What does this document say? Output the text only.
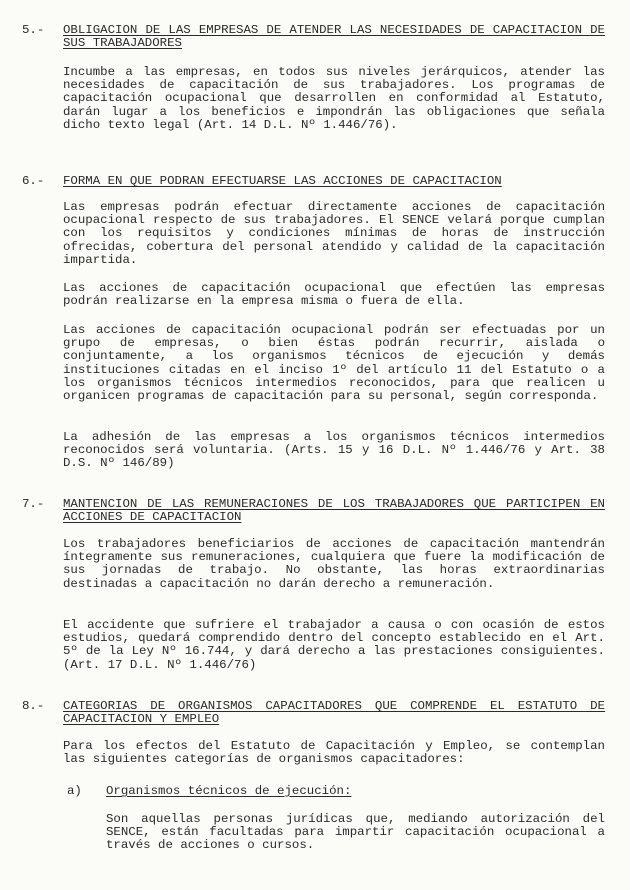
5.-	OBLIGACION DE LAS EMPRESAS DE ATENDER LAS NECESIDADES DE CAPACITACION DE SUS TRABAJADORES
Incumbe a las empresas, en todos sus niveles jerárquicos, atender las necesidades de capacitación de sus trabajadores. Los programas de capacitación ocupacional que desarrollen en conformidad al Estatuto, darán lugar a los beneficios e impondrán las obligaciones que señala dicho texto legal (Art. 14 D.L. Nº 1.446/76).
6.-	FORMA EN QUE PODRAN EFECTUARSE LAS ACCIONES DE CAPACITACION
Las empresas podrán efectuar directamente acciones de capacitación ocupacional respecto de sus trabajadores. El SENCE velará porque cumplan con los requisitos y condiciones mínimas de horas de instrucción ofrecidas, cobertura del personal atendido y calidad de la capacitación impartida.
Las acciones de capacitación ocupacional que efectúen las empresas podrán realizarse en la empresa misma o fuera de ella.
Las acciones de capacitación ocupacional podrán ser efectuadas por un grupo de empresas, o bien éstas podrán recurrir, aislada o conjuntamente, a los organismos técnicos de ejecución y demás instituciones citadas en el inciso 1º del artículo 11 del Estatuto o a los organismos técnicos intermedios reconocidos, para que realicen u organicen programas de capacitación para su personal, según corresponda.
La adhesión de las empresas a los organismos técnicos intermedios reconocidos será voluntaria. (Arts. 15 y 16 D.L. Nº 1.446/76 y Art. 38 D.S. Nº 146/89)
7.-	MANTENCION DE LAS REMUNERACIONES DE LOS TRABAJADORES QUE PARTICIPEN EN ACCIONES DE CAPACITACION
Los trabajadores beneficiarios de acciones de capacitación mantendrán íntegramente sus remuneraciones, cualquiera que fuere la modificación de sus jornadas de trabajo. No obstante, las horas extraordinarias destinadas a capacitación no darán derecho a remuneración.
El accidente que sufriere el trabajador a causa o con ocasión de estos estudios, quedará comprendido dentro del concepto establecido en el Art. 5º de la Ley Nº 16.744, y dará derecho a las prestaciones consiguientes. (Art. 17 D.L. Nº 1.446/76)
8.-	CATEGORIAS DE ORGANISMOS CAPACITADORES QUE COMPRENDE EL ESTATUTO DE CAPACITACION Y EMPLEO
Para los efectos del Estatuto de Capacitación y Empleo, se contemplan las siguientes categorías de organismos capacitadores:
a) Organismos técnicos de ejecución:
Son aquellas personas jurídicas que, mediando autorización del SENCE, están facultadas para impartir capacitación ocupacional a través de acciones o cursos.
